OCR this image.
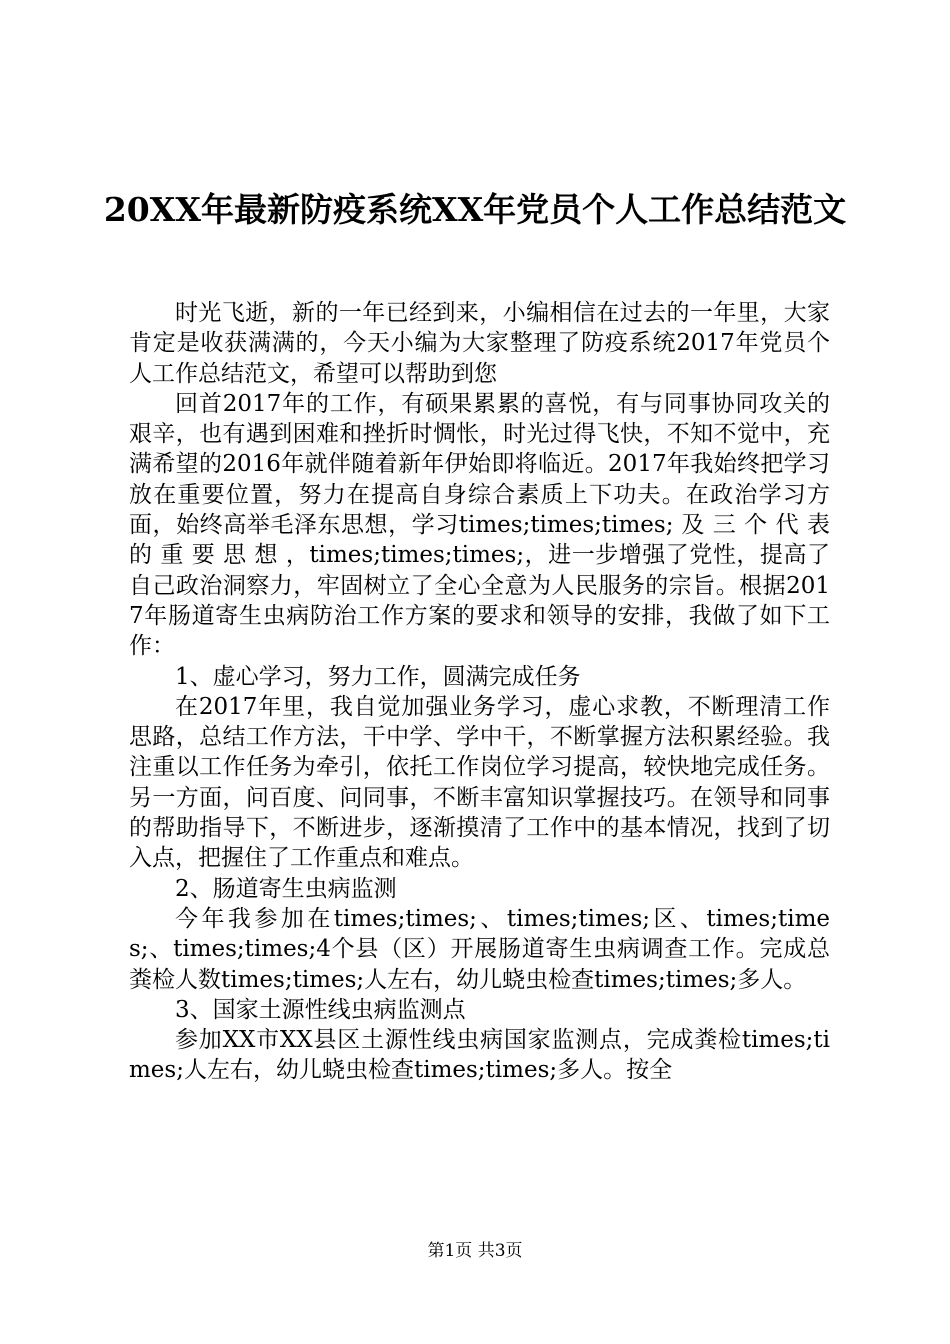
20XX年最新防疫系统XX年党员个人工作总结范文

时光飞逝，新的一年已经到来，小编相信在过去的一年里，大家肯定是收获满满的，今天小编为大家整理了防疫系统2017年党员个人工作总结范文，希望可以帮助到您

回首2017年的工作，有硕果累累的喜悦，有与同事协同攻关的艰辛，也有遇到困难和挫折时惆怅，时光过得飞快，不知不觉中，充满希望的2016年就伴随着新年伊始即将临近。2017年我始终把学习放在重要位置，努力在提高自身综合素质上下功夫。在政治学习方面，始终高举毛泽东思想，学习times;times;times; 及 三 个 代 表 的 重 要 思 想 ，times;times;times;，进一步增强了党性，提高了自己政治洞察力，牢固树立了全心全意为人民服务的宗旨。根据2017年肠道寄生虫病防治工作方案的要求和领导的安排，我做了如下工作：

1、虚心学习，努力工作，圆满完成任务

在2017年里，我自觉加强业务学习，虚心求教，不断理清工作思路，总结工作方法，干中学、学中干，不断掌握方法积累经验。我注重以工作任务为牵引，依托工作岗位学习提高，较快地完成任务。另一方面，问百度、问同事，不断丰富知识掌握技巧。在领导和同事的帮助指导下，不断进步，逐渐摸清了工作中的基本情况，找到了切入点，把握住了工作重点和难点。

2、肠道寄生虫病监测

今年我参加在times;times;、times;times;区、times;times;、times;times;4个县（区）开展肠道寄生虫病调查工作。完成总粪检人数times;times;人左右，幼儿蛲虫检查times;times;多人。

3、国家土源性线虫病监测点

参加XX市XX县区土源性线虫病国家监测点，完成粪检times;times;人左右，幼儿蛲虫检查times;times;多人。按全

第1页 共3页
